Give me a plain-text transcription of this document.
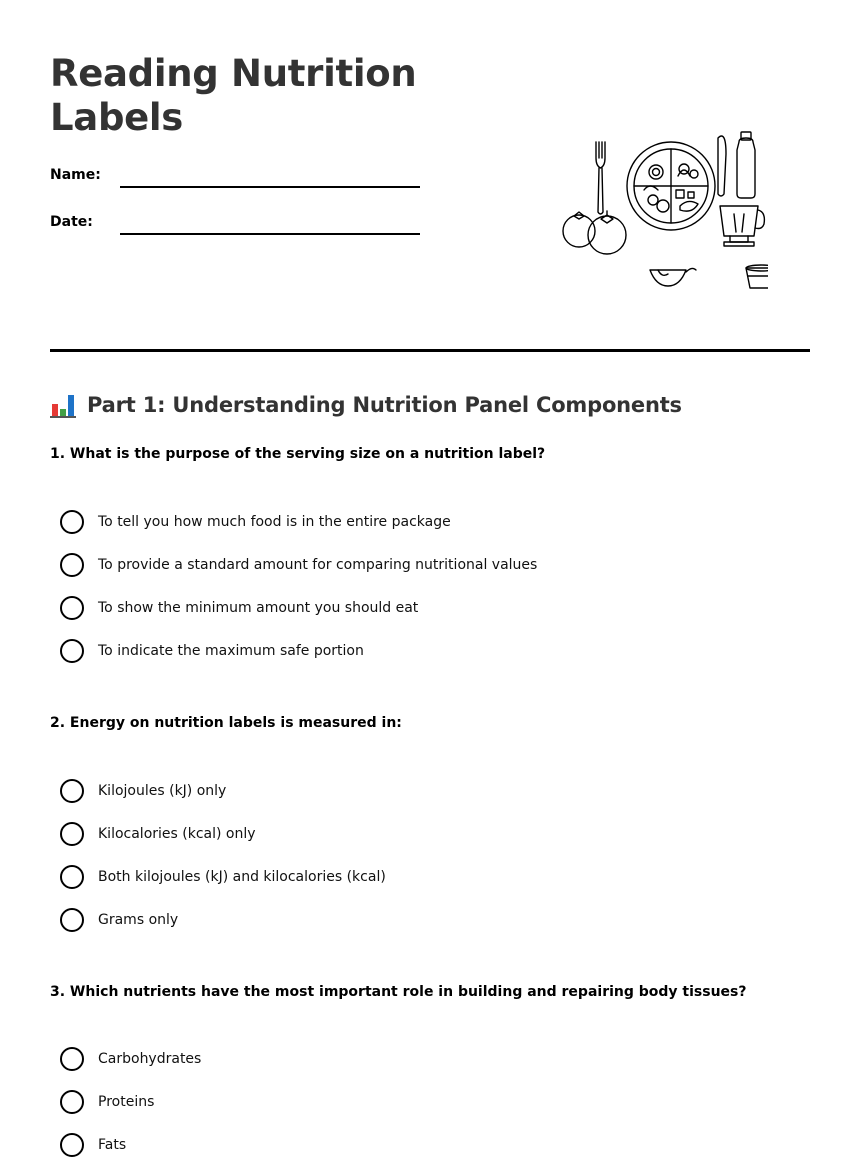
Reading Nutrition Labels
Name:
Date:
Part 1: Understanding Nutrition Panel Components

1. What is the purpose of the serving size on a nutrition label?

To tell you how much food is in the entire package
To provide a standard amount for comparing nutritional values
To show the minimum amount you should eat
To indicate the maximum safe portion

2. Energy on nutrition labels is measured in:

Kilojoules (kJ) only
Kilocalories (kcal) only
Both kilojoules (kJ) and kilocalories (kcal)
Grams only

3. Which nutrients have the most important role in building and repairing body tissues?

Carbohydrates
Proteins
Fats
